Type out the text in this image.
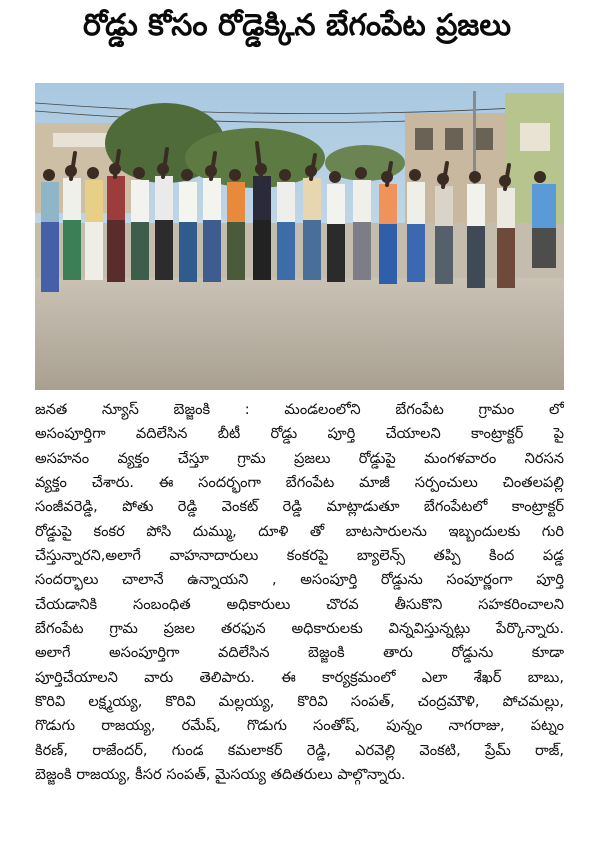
రోడ్డు కోసం రోడ్డెక్కిన బేగంపేట ప్రజలు
జనత న్యూస్ బెజ్జంకి : మండలంలోని బేగంపేట గ్రామం లో
అసంపూర్తిగా వదిలేసిన బీటీ రోడ్డు పూర్తి చేయాలని కాంట్రాక్టర్ పై
అసహనం వ్యక్తం చేస్తూ గ్రామ ప్రజలు రోడ్డుపై మంగళవారం నిరసన
వ్యక్తం చేశారు. ఈ సందర్భంగా బేగంపేట మాజీ సర్పంచులు చింతలపల్లి
సంజీవరెడ్డి, పోతు రెడ్డి వెంకట్ రెడ్డి మాట్లాడుతూ బేగంపేటలో కాంట్రాక్టర్
రోడ్డుపై కంకర పోసి దుమ్ము, దూళి తో బాటసారులను ఇబ్బందులకు గురి
చేస్తున్నారని,అలాగే వాహనాదారులు కంకరపై బ్యాలెన్స్ తప్పి కింద పడ్డ
సందర్భాలు చాలానే ఉన్నాయని , అసంపూర్తి రోడ్డును సంపూర్ణంగా పూర్తి
చేయడానికి సంబంధిత అధికారులు చొరవ తీసుకొని సహకరించాలని
బేగంపేట గ్రామ ప్రజల తరఫున అధికారులకు విన్నవిస్తున్నట్లు పేర్కొన్నారు.
అలాగే అసంపూర్తిగా వదిలేసిన బెజ్జంకి తారు రోడ్డును కూడా
పూర్తిచేయాలని వారు తెలిపారు. ఈ కార్యక్రమంలో ఎలా శేఖర్ బాబు,
కొరివి లక్ష్మయ్య, కొరివి మల్లయ్య, కొరివి సంపత్, చంద్రమౌళి, పోచమల్లు,
గొడుగు రాజయ్య, రమేష్, గొడుగు సంతోష్, పున్నం నాగరాజు, పట్నం
కిరణ్, రాజేందర్, గుండ కమలాకర్ రెడ్డి, ఎరవెల్లి వెంకటి, ప్రేమ్ రాజ్,
బెజ్జంకి రాజయ్య, కీసర సంపత్, మైసయ్య తదితరులు పాల్గొన్నారు.
